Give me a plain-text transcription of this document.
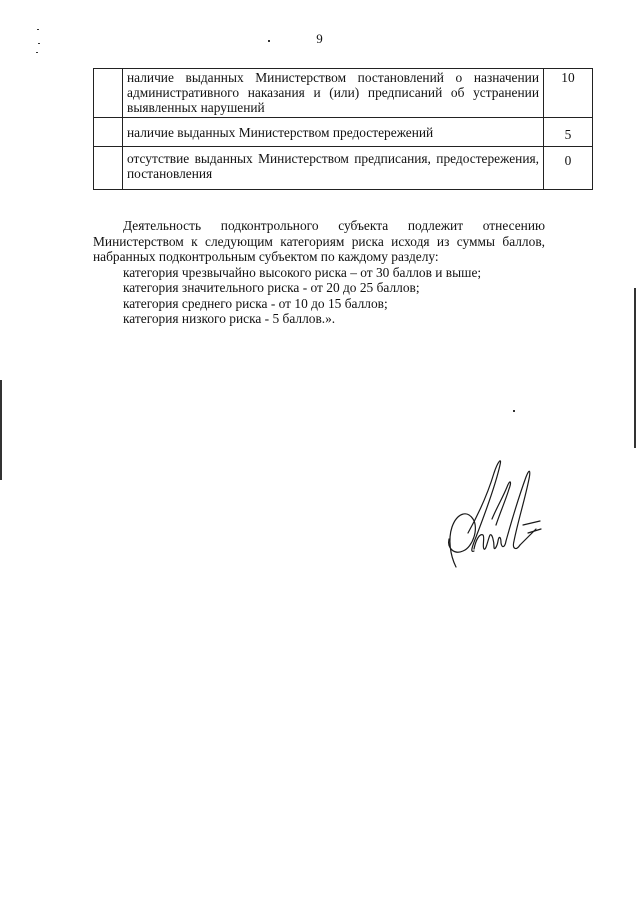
9
	наличие выданных Министерством постановлений о назначении административного наказания и (или) предписаний об устранении выявленных нарушений	10
	наличие выданных Министерством предостережений	5
	отсутствие выданных Министерством предписания, предостережения, постановления	0

Деятельность подконтрольного субъекта подлежит отнесению Министерством к следующим категориям риска исходя из суммы баллов, набранных подконтрольным субъектом по каждому разделу:

категория чрезвычайно высокого риска – от 30 баллов и выше;

категория значительного риска - от 20 до 25 баллов;

категория среднего риска - от 10 до 15 баллов;

категория низкого риска - 5 баллов.».
